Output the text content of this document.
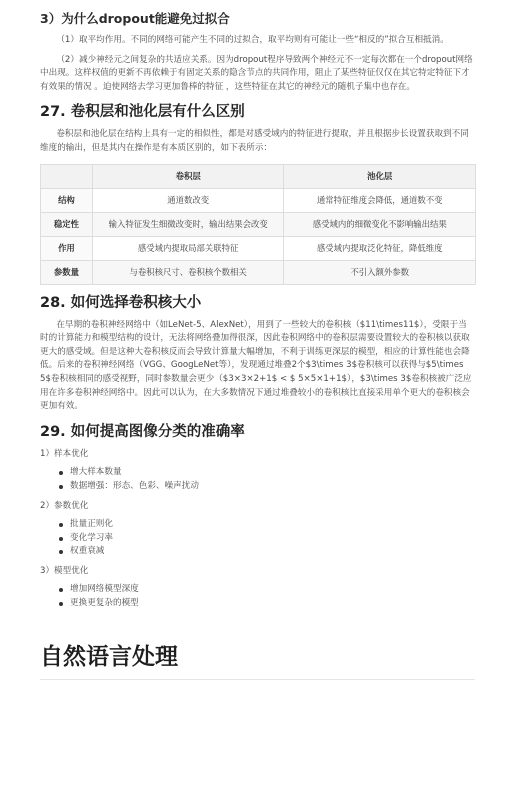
3）为什么dropout能避免过拟合

（1）取平均作用。不同的网络可能产生不同的过拟合，取平均则有可能让一些“相反的”拟合互相抵消。

（2）减少神经元之间复杂的共适应关系。因为dropout程序导致两个神经元不一定每次都在一个dropout网络中出现。这样权值的更新不再依赖于有固定关系的隐含节点的共同作用，阻止了某些特征仅仅在其它特定特征下才有效果的情况 。迫使网络去学习更加鲁棒的特征 ，这些特征在其它的神经元的随机子集中也存在。

27. 卷积层和池化层有什么区别

卷积层和池化层在结构上具有一定的相似性，都是对感受域内的特征进行提取，并且根据步长设置获取到不同维度的输出，但是其内在操作是有本质区别的，如下表所示：

	卷积层	池化层
结构	通道数改变	通常特征维度会降低，通道数不变
稳定性	输入特征发生细微改变时，输出结果会改变	感受域内的细微变化不影响输出结果
作用	感受域内提取局部关联特征	感受域内提取泛化特征，降低维度
参数量	与卷积核尺寸、卷积核个数相关	不引入额外参数
28. 如何选择卷积核大小

在早期的卷积神经网络中（如LeNet-5、AlexNet），用到了一些较大的卷积核（$11\times11$），受限于当时的计算能力和模型结构的设计，无法将网络叠加得很深，因此卷积网络中的卷积层需要设置较大的卷积核以获取更大的感受域。但是这种大卷积核反而会导致计算量大幅增加，不利于训练更深层的模型，相应的计算性能也会降低。后来的卷积神经网络（VGG、GoogLeNet等），发现通过堆叠2个$3\times 3$卷积核可以获得与$5\times 5$卷积核相同的感受视野，同时参数量会更少（$3×3×2+1$ < $ 5×5×1+1$），$3\times 3$卷积核被广泛应用在许多卷积神经网络中。因此可以认为，在大多数情况下通过堆叠较小的卷积核比直接采用单个更大的卷积核会更加有效。

29. 如何提高图像分类的准确率
1）样本优化
增大样本数量
数据增强：形态、色彩、噪声扰动
2）参数优化
批量正则化
变化学习率
权重衰减
3）模型优化
增加网络模型深度
更换更复杂的模型
自然语言处理
